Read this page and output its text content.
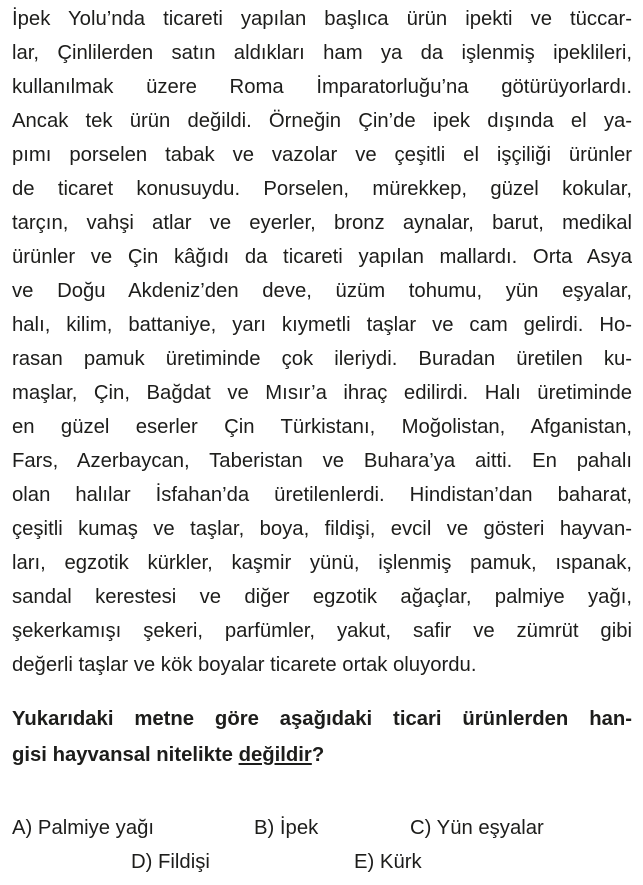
İpek Yolu’nda ticareti yapılan başlıca ürün ipekti ve tüccar-
lar, Çinlilerden satın aldıkları ham ya da işlenmiş ipeklileri,
kullanılmak üzere Roma İmparatorluğu’na götürüyorlardı.
Ancak tek ürün değildi. Örneğin Çin’de ipek dışında el ya-
pımı porselen tabak ve vazolar ve çeşitli el işçiliği ürünler
de ticaret konusuydu. Porselen, mürekkep, güzel kokular,
tarçın, vahşi atlar ve eyerler, bronz aynalar, barut, medikal
ürünler ve Çin kâğıdı da ticareti yapılan mallardı. Orta Asya
ve Doğu Akdeniz’den deve, üzüm tohumu, yün eşyalar,
halı, kilim, battaniye, yarı kıymetli taşlar ve cam gelirdi. Ho-
rasan pamuk üretiminde çok ileriydi. Buradan üretilen ku-
maşlar, Çin, Bağdat ve Mısır’a ihraç edilirdi. Halı üretiminde
en güzel eserler Çin Türkistanı, Moğolistan, Afganistan,
Fars, Azerbaycan, Taberistan ve Buhara’ya aitti. En pahalı
olan halılar İsfahan’da üretilenlerdi. Hindistan’dan baharat,
çeşitli kumaş ve taşlar, boya, fildişi, evcil ve gösteri hayvan-
ları, egzotik kürkler, kaşmir yünü, işlenmiş pamuk, ıspanak,
sandal kerestesi ve diğer egzotik ağaçlar, palmiye yağı,
şekerkamışı şekeri, parfümler, yakut, safir ve zümrüt gibi
değerli taşlar ve kök boyalar ticarete ortak oluyordu.
Yukarıdaki metne göre aşağıdaki ticari ürünlerden han-
gisi hayvansal nitelikte değildir?
A) Palmiye yağı	B) İpek	C) Yün eşyalar
D) Fildişi	E) Kürk
